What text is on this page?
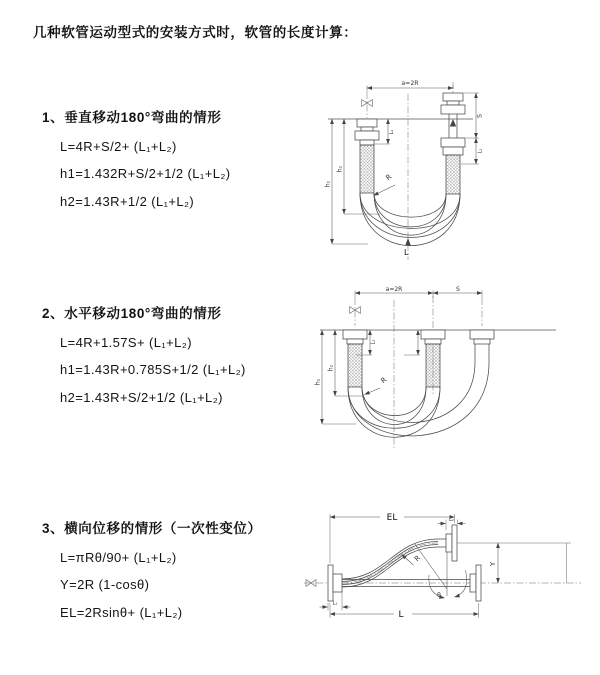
几种软管运动型式的安装方式时，软管的长度计算：
1、垂直移动180°弯曲的情形
L=4R+S/2+ (L₁+L₂)
h1=1.432R+S/2+1/2 (L₁+L₂)
h2=1.43R+1/2 (L₁+L₂)
2、水平移动180°弯曲的情形
L=4R+1.57S+ (L₁+L₂)
h1=1.43R+0.785S+1/2 (L₁+L₂)
h2=1.43R+S/2+1/2 (L₁+L₂)
3、横向位移的情形（一次性变位）
L=πRθ/90+ (L₁+L₂)
Y=2R (1-cosθ)
EL=2Rsinθ+ (L₁+L₂)
a=2R
h₁
h₂
L₁
S
L₁
R
L
a=2R	S
h₁
h₂
L₁
R
EL	L₂
Y
L
L₁
R
θ
